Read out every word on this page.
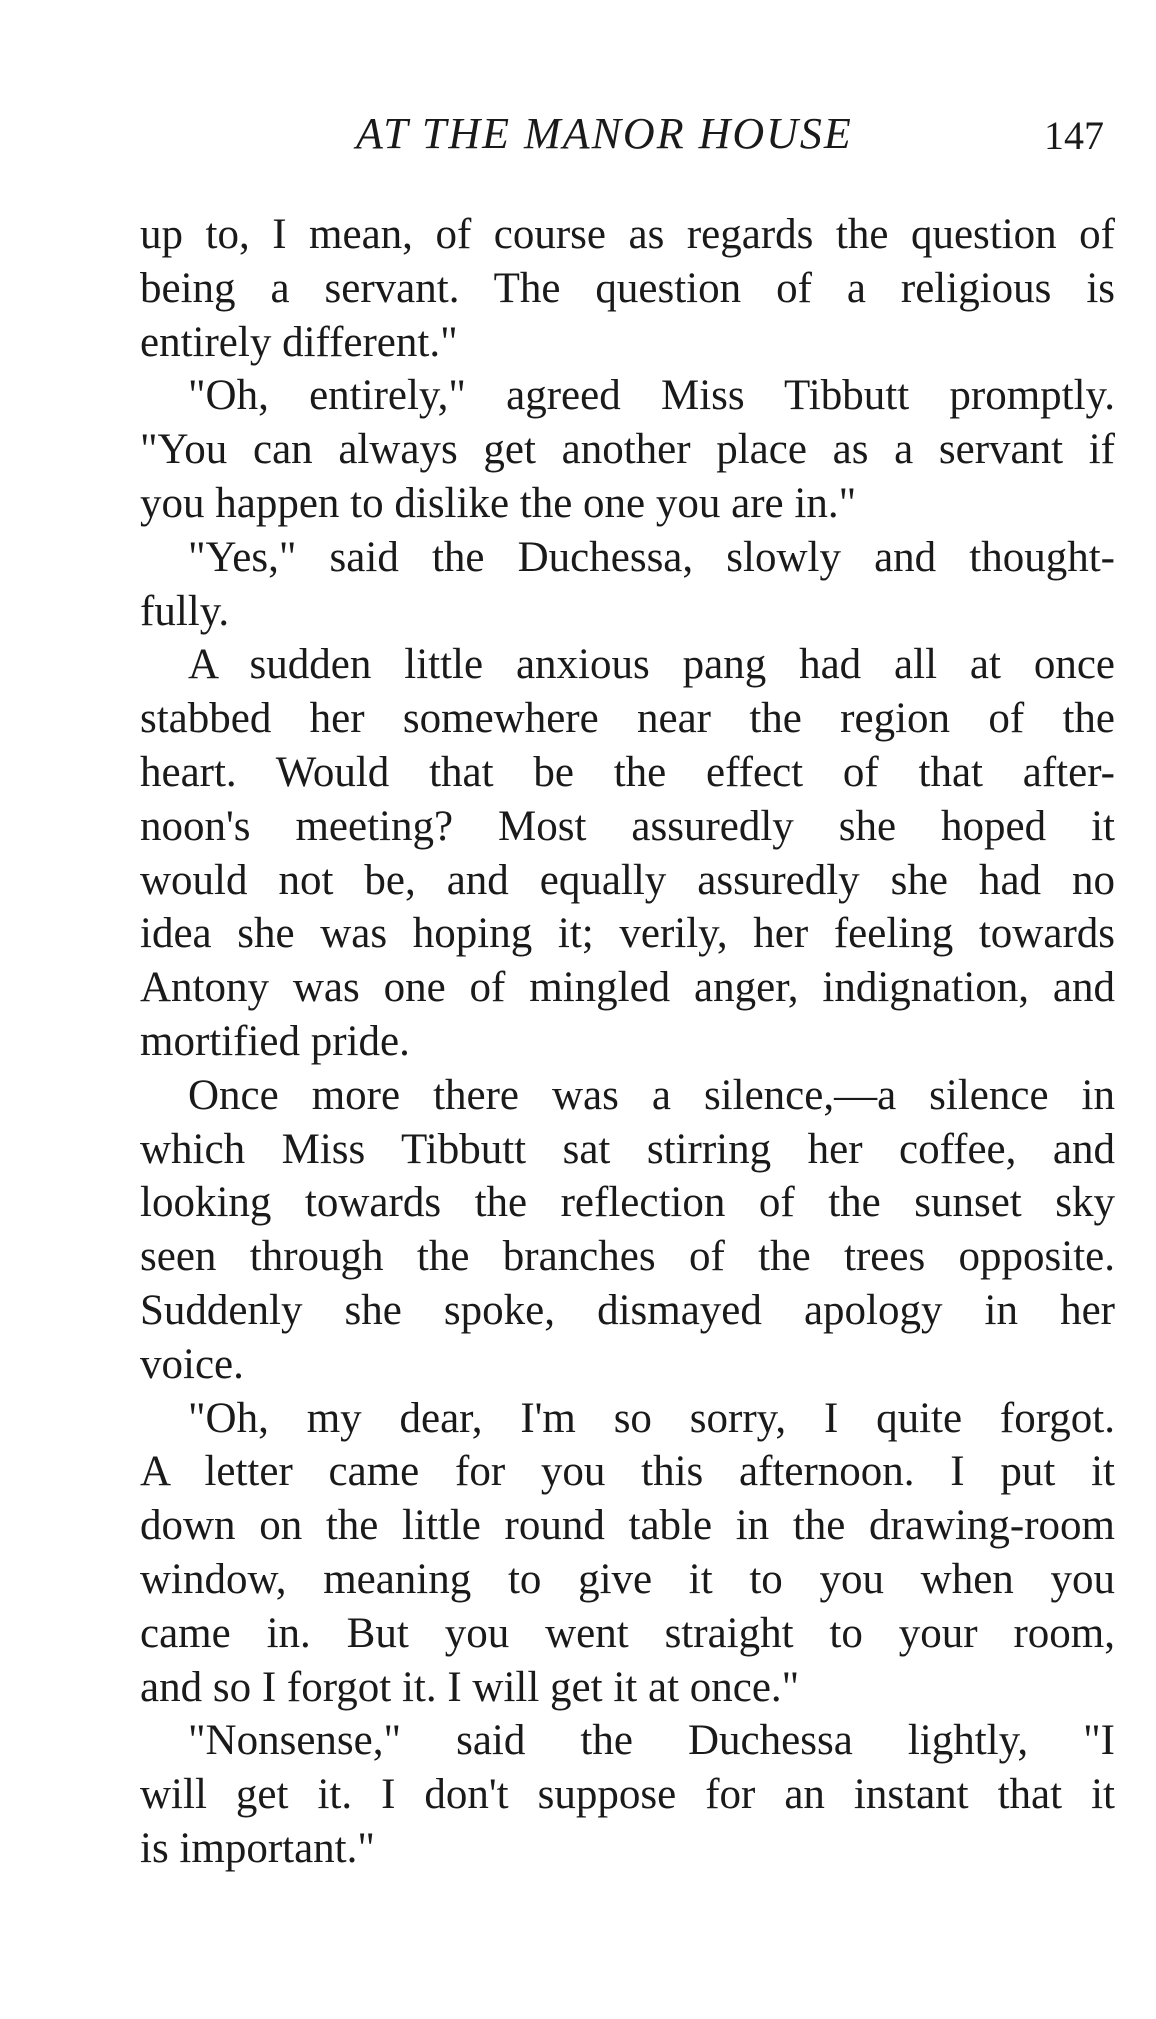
AT THE MANOR HOUSE	147

up to, I mean, of course as regards the question of
being a servant. The question of a religious is
entirely different."

"Oh, entirely," agreed Miss Tibbutt promptly.
"You can always get another place as a servant if
you happen to dislike the one you are in."

"Yes," said the Duchessa, slowly and thought-
fully.

A sudden little anxious pang had all at once
stabbed her somewhere near the region of the
heart. Would that be the effect of that after-
noon's meeting? Most assuredly she hoped it
would not be, and equally assuredly she had no
idea she was hoping it; verily, her feeling towards
Antony was one of mingled anger, indignation, and
mortified pride.

Once more there was a silence,—a silence in
which Miss Tibbutt sat stirring her coffee, and
looking towards the reflection of the sunset sky
seen through the branches of the trees opposite.
Suddenly she spoke, dismayed apology in her
voice.

"Oh, my dear, I'm so sorry, I quite forgot.
A letter came for you this afternoon. I put it
down on the little round table in the drawing-room
window, meaning to give it to you when you
came in. But you went straight to your room,
and so I forgot it. I will get it at once."

"Nonsense," said the Duchessa lightly, "I
will get it. I don't suppose for an instant that it
is important."
